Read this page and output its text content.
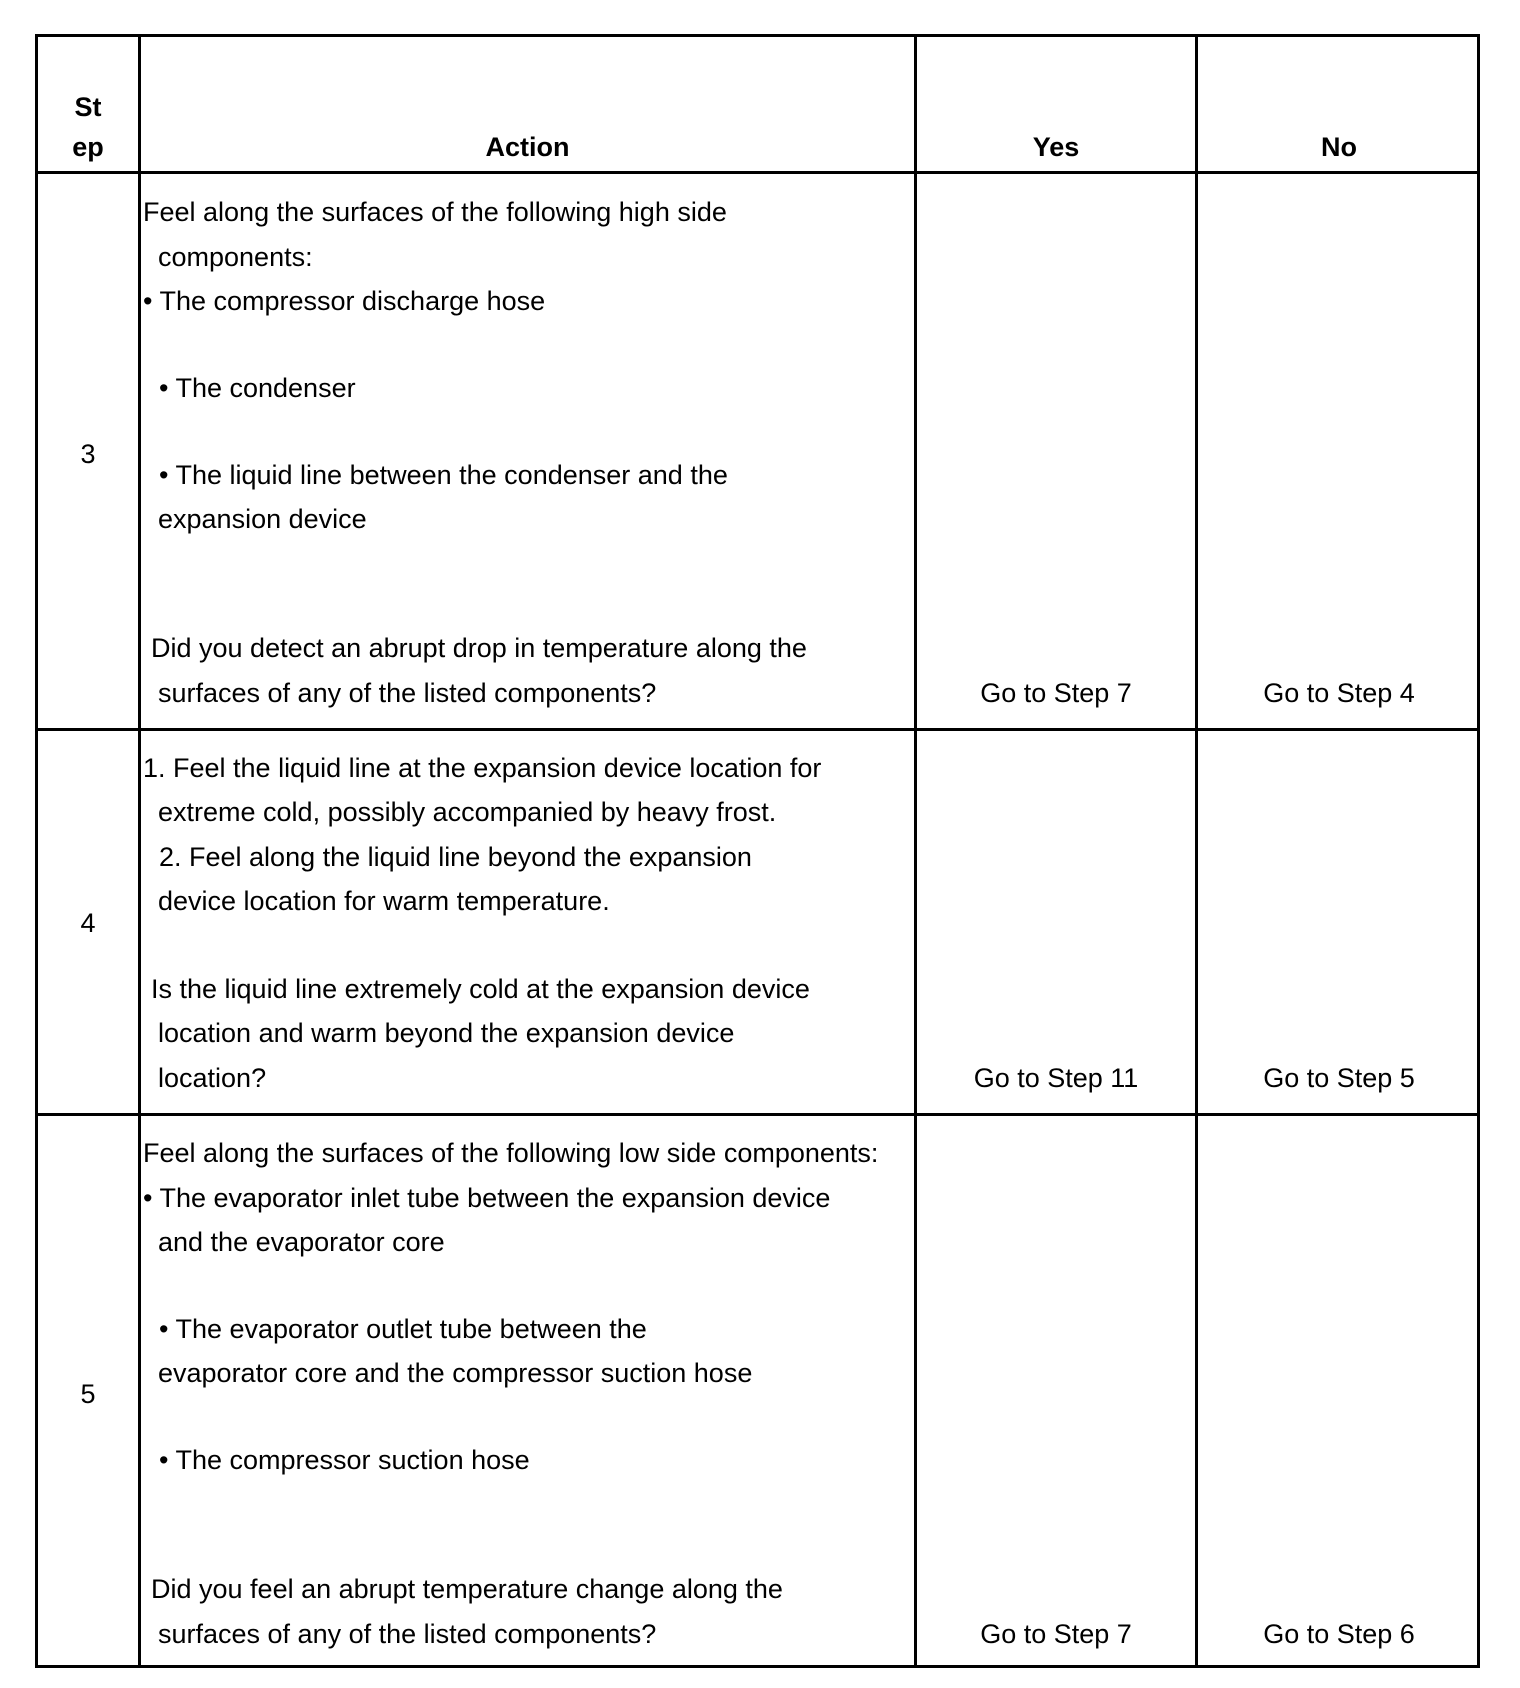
St
ep	Action	Yes	No
3
Feel along the surfaces of the following high side
components:
• The compressor discharge hose
• The condenser
• The liquid line between the condenser and the
expansion device
Did you detect an abrupt drop in temperature along the
surfaces of any of the listed components?	Go to Step 7	Go to Step 4
4
1. Feel the liquid line at the expansion device location for
extreme cold, possibly accompanied by heavy frost.
2. Feel along the liquid line beyond the expansion
device location for warm temperature.
Is the liquid line extremely cold at the expansion device
location and warm beyond the expansion device
location?	Go to Step 11	Go to Step 5
5
Feel along the surfaces of the following low side components:
• The evaporator inlet tube between the expansion device
and the evaporator core
• The evaporator outlet tube between the
evaporator core and the compressor suction hose
• The compressor suction hose
Did you feel an abrupt temperature change along the
surfaces of any of the listed components?	Go to Step 7	Go to Step 6
